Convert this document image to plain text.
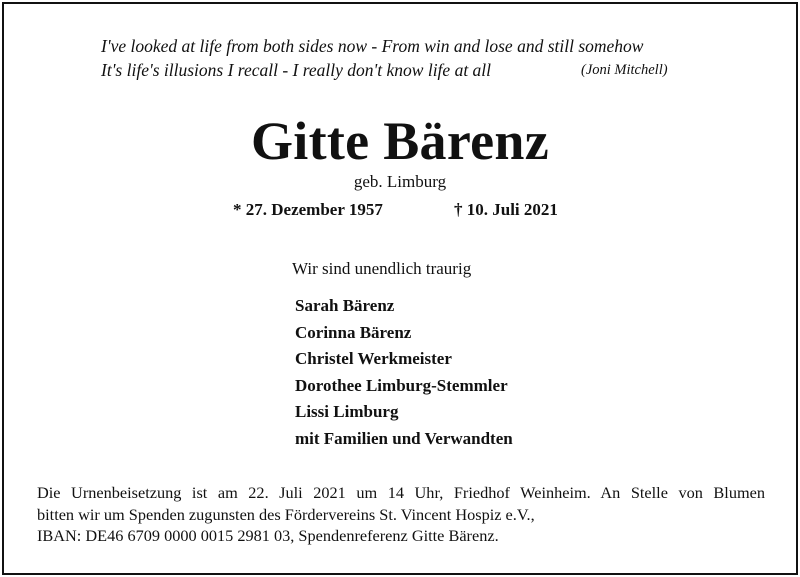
I've looked at life from both sides now - From win and lose and still somehow
It's life's illusions I recall - I really don't know life at all	(Joni Mitchell)
Gitte Bärenz
geb. Limburg
* 27. Dezember 1957	† 10. Juli 2021
Wir sind unendlich traurig
Sarah Bärenz
Corinna Bärenz
Christel Werkmeister
Dorothee Limburg-Stemmler
Lissi Limburg
mit Familien und Verwandten
Die Urnenbeisetzung ist am 22. Juli 2021 um 14 Uhr, Friedhof Weinheim. An Stelle von Blumen
bitten wir um Spenden zugunsten des Fördervereins St. Vincent Hospiz e.V.,
IBAN: DE46 6709 0000 0015 2981 03, Spendenreferenz Gitte Bärenz.
